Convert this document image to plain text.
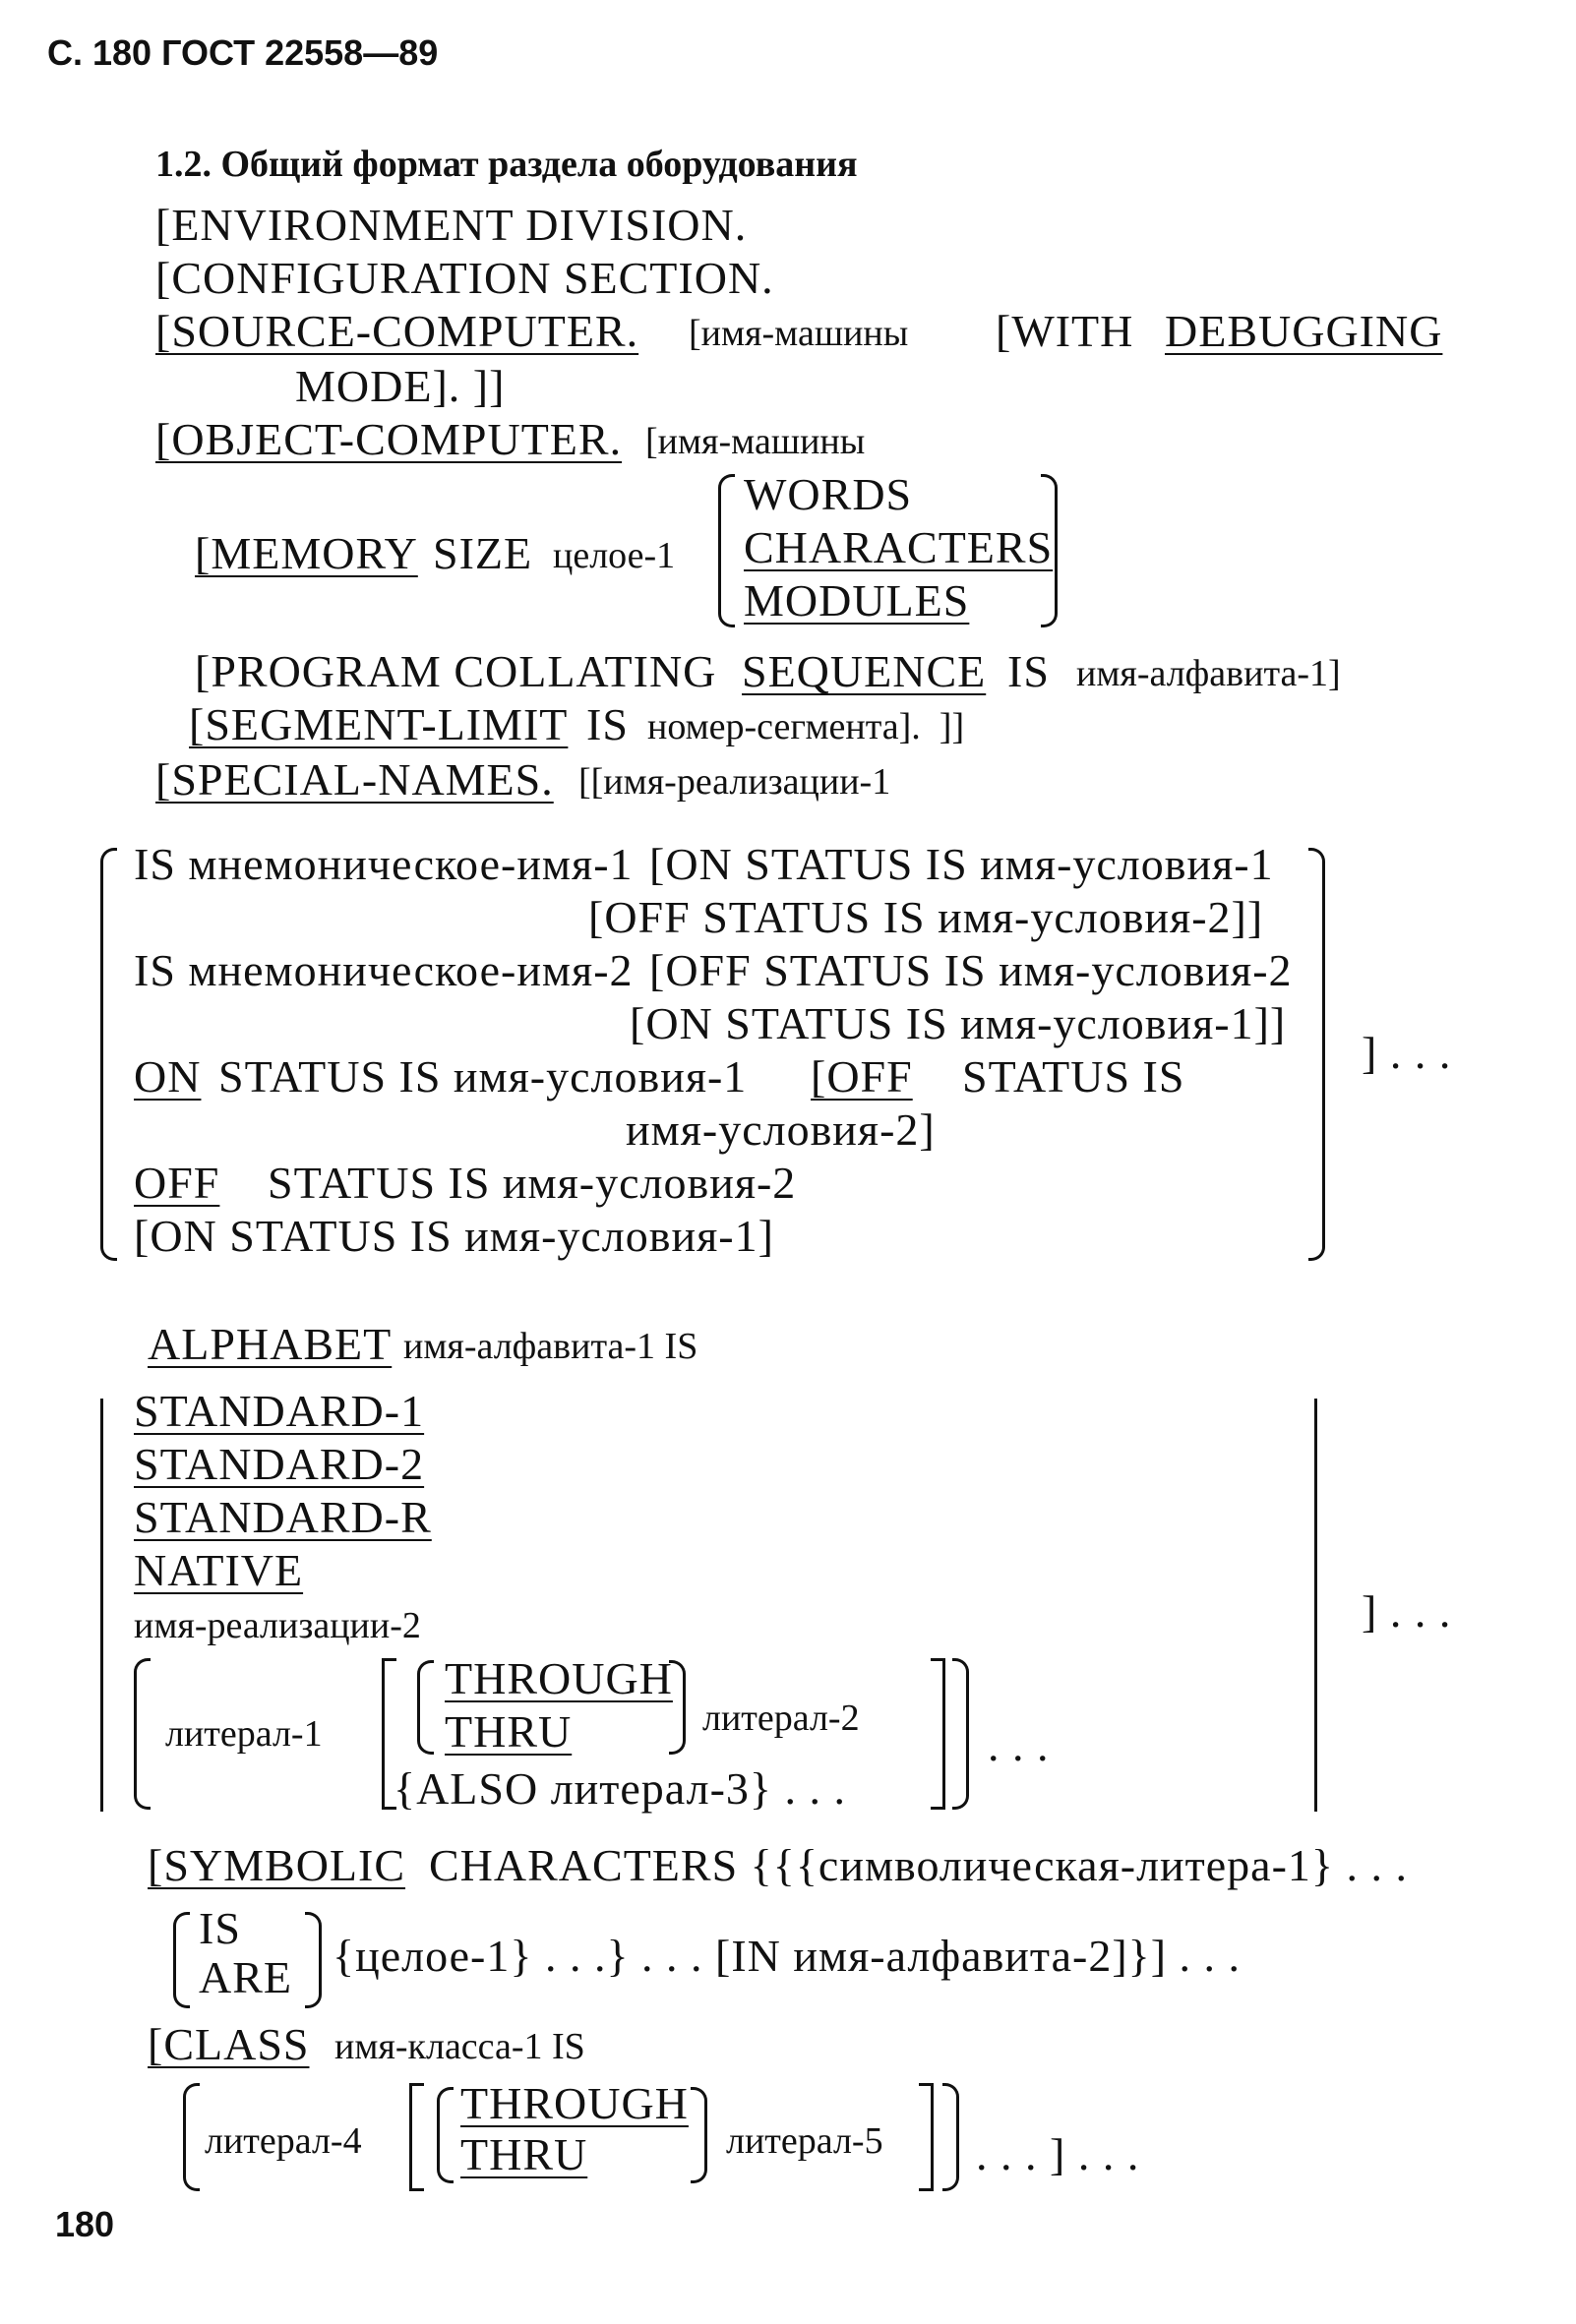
С. 180 ГОСТ 22558—89
1.2. Общий формат раздела оборудования
[ENVIRONMENT DIVISION.
[CONFIGURATION SECTION.
[SOURCE-COMPUTER. [имя-машины [WITH DEBUGGING
MODE]. ]]
[OBJECT-COMPUTER. [имя-машины
[MEMORY SIZE целое-1
WORDS
CHARACTERS
MODULES
[PROGRAM COLLATING SEQUENCE IS имя-алфавита-1]
[SEGMENT-LIMIT IS номер-сегмента].  ]]
[SPECIAL-NAMES. [[имя-реализации-1
IS мнемоническое-имя-1 [ON STATUS IS имя-условия-1
[OFF STATUS IS имя-условия-2]]
IS мнемоническое-имя-2 [OFF STATUS IS имя-условия-2
[ON STATUS IS имя-условия-1]]
ON STATUS IS имя-условия-1 [OFF STATUS IS
имя-условия-2]
OFF STATUS IS имя-условия-2
[ON STATUS IS имя-условия-1]
] . . .
ALPHABET имя-алфавита-1 IS
STANDARD-1
STANDARD-2
STANDARD-R
NATIVE
имя-реализации-2
литерал-1
THROUGH
THRU	литерал-2
{ALSO литерал-3} . . .
. . .
] . . .
[SYMBOLIC CHARACTERS {{{символическая-литера-1} . . .
IS
ARE {целое-1} . . .} . . . [IN имя-алфавита-2]}] . . .
[CLASS имя-класса-1 IS
литерал-4
THROUGH
THRU	литерал-5 . . . ] . . .
180
